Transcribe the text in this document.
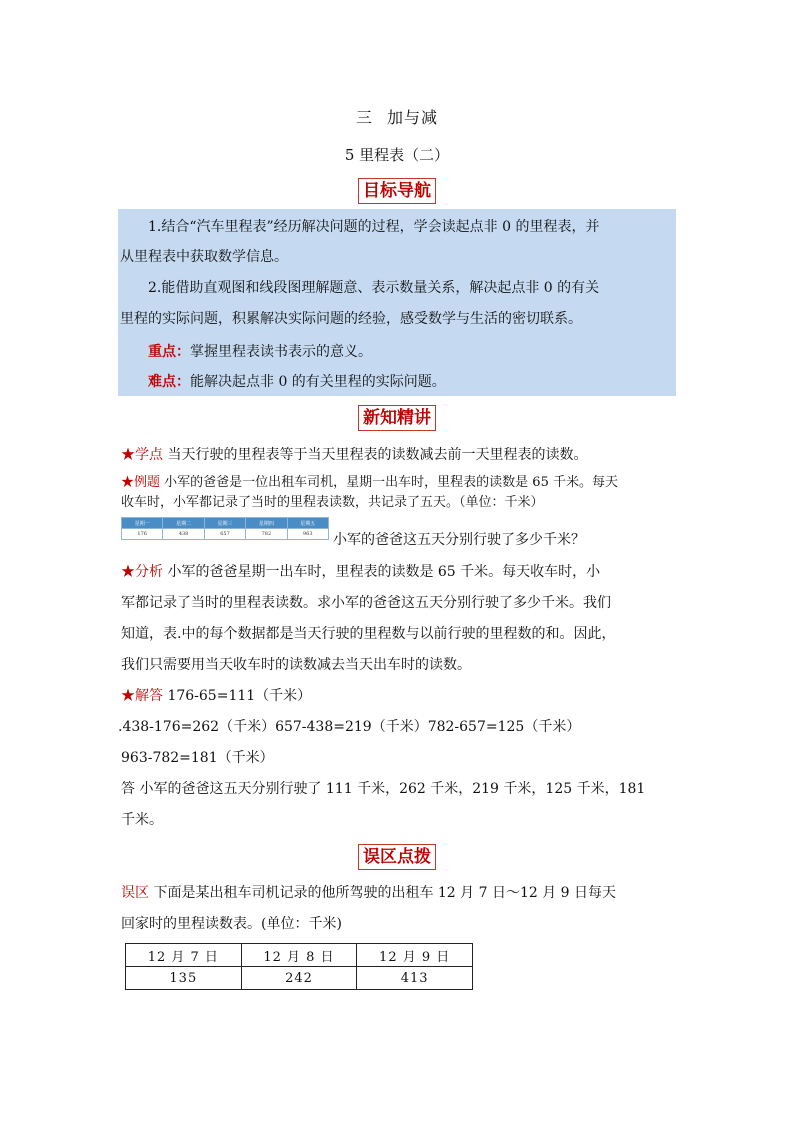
三 加与减
5 里程表（二）
目标导航
1.结合“汽车里程表”经历解决问题的过程，学会读起点非 0 的里程表，并
从里程表中获取数学信息。
2.能借助直观图和线段图理解题意、表示数量关系，解决起点非 0 的有关
里程的实际问题，积累解决实际问题的经验，感受数学与生活的密切联系。
重点：掌握里程表读书表示的意义。
难点：能解决起点非 0 的有关里程的实际问题。
新知精讲
★学点 当天行驶的里程表等于当天里程表的读数减去前一天里程表的读数。
★例题 小军的爸爸是一位出租车司机，星期一出车时，里程表的读数是 65 千米。每天
收车时，小军都记录了当时的里程表读数，共记录了五天。（单位：千米）
星期一	星期二	星期三	星期四	星期五
176	438	657	782	963 小军的爸爸这五天分别行驶了多少千米？
★分析 小军的爸爸星期一出车时，里程表的读数是 65 千米。每天收车时，小
军都记录了当时的里程表读数。求小军的爸爸这五天分别行驶了多少千米。我们
知道，表.中的每个数据都是当天行驶的里程数与以前行驶的里程数的和。因此，
我们只需要用当天收车时的读数减去当天出车时的读数。
★解答 176-65=111（千米）
.438-176=262（千米）657-438=219（千米）782-657=125（千米）
963-782=181（千米）
答 小军的爸爸这五天分别行驶了 111 千米，262 千米，219 千米，125 千米，181
千米。
误区点拨
误区 下面是某出租车司机记录的他所驾驶的出租车 12 月 7 日～12 月 9 日每天
回家时的里程读数表。(单位：千米)
12 月 7 日	12 月 8 日	12 月 9 日
135	242	413
